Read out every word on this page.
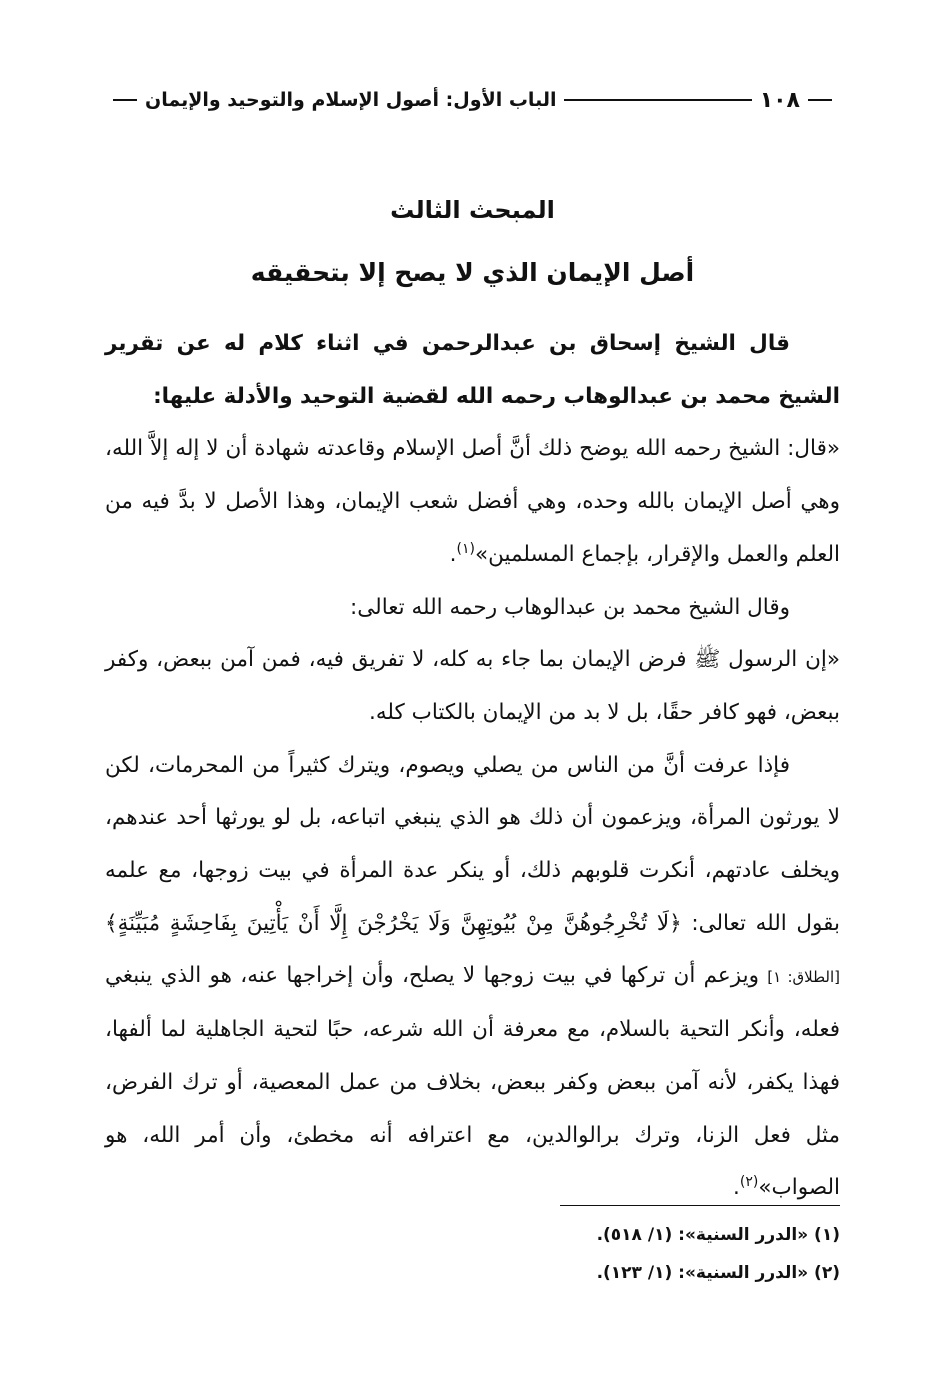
١٠٨
الباب الأول: أصول الإسلام والتوحيد والإيمان
المبحث الثالث
أصل الإيمان الذي لا يصح إلا بتحقيقه

قال الشيخ إسحاق بن عبدالرحمن في اثناء كلام له عن تقرير الشيخ محمد بن عبدالوهاب رحمه الله لقضية التوحيد والأدلة عليها:

«قال: الشيخ رحمه الله يوضح ذلك أنَّ أصل الإسلام وقاعدته شهادة أن لا إله إلاَّ الله، وهي أصل الإيمان بالله وحده، وهي أفضل شعب الإيمان، وهذا الأصل لا بدَّ فيه من العلم والعمل والإقرار، بإجماع المسلمين»$^{(١)}$.

وقال الشيخ محمد بن عبدالوهاب رحمه الله تعالى:

«إن الرسول ﷺ فرض الإيمان بما جاء به كله، لا تفريق فيه، فمن آمن ببعض، وكفر ببعض، فهو كافر حقًا، بل لا بد من الإيمان بالكتاب كله.

فإذا عرفت أنَّ من الناس من يصلي ويصوم، ويترك كثيراً من المحرمات، لكن لا يورثون المرأة، ويزعمون أن ذلك هو الذي ينبغي اتباعه، بل لو يورثها أحد عندهم، ويخلف عادتهم، أنكرت قلوبهم ذلك، أو ينكر عدة المرأة في بيت زوجها، مع علمه بقول الله تعالى: ﴿لَا تُخْرِجُوهُنَّ مِنْ بُيُوتِهِنَّ وَلَا يَخْرُجْنَ إِلَّا أَنْ يَأْتِينَ بِفَاحِشَةٍ مُبَيِّنَةٍ﴾ [الطلاق: ١] ويزعم أن تركها في بيت زوجها لا يصلح، وأن إخراجها عنه، هو الذي ينبغي فعله، وأنكر التحية بالسلام، مع معرفة أن الله شرعه، حبًا لتحية الجاهلية لما ألفها، فهذا يكفر، لأنه آمن ببعض وكفر ببعض، بخلاف من عمل المعصية، أو ترك الفرض، مثل فعل الزنا، وترك برالوالدين، مع اعترافه أنه مخطئ، وأن أمر الله، هو الصواب»$^{(٢)}$.

(١) «الدرر السنية»: (١/ ٥١٨).
(٢) «الدرر السنية»: (١/ ١٢٣).
